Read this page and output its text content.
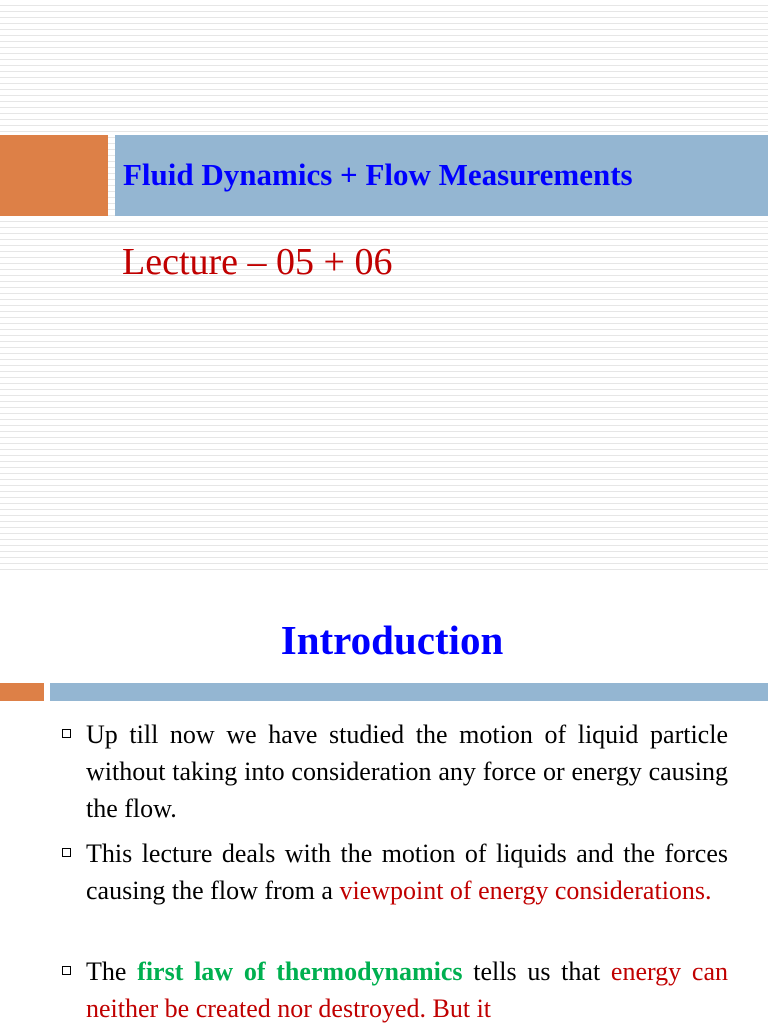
Fluid Dynamics + Flow Measurements
Lecture – 05 + 06
Introduction
Up till now we have studied the motion of liquid particle without taking into consideration any force or energy causing the flow.
This lecture deals with the motion of liquids and the forces causing the flow from a viewpoint of energy considerations.
The first law of thermodynamics tells us that energy can neither be created nor destroyed. But it
